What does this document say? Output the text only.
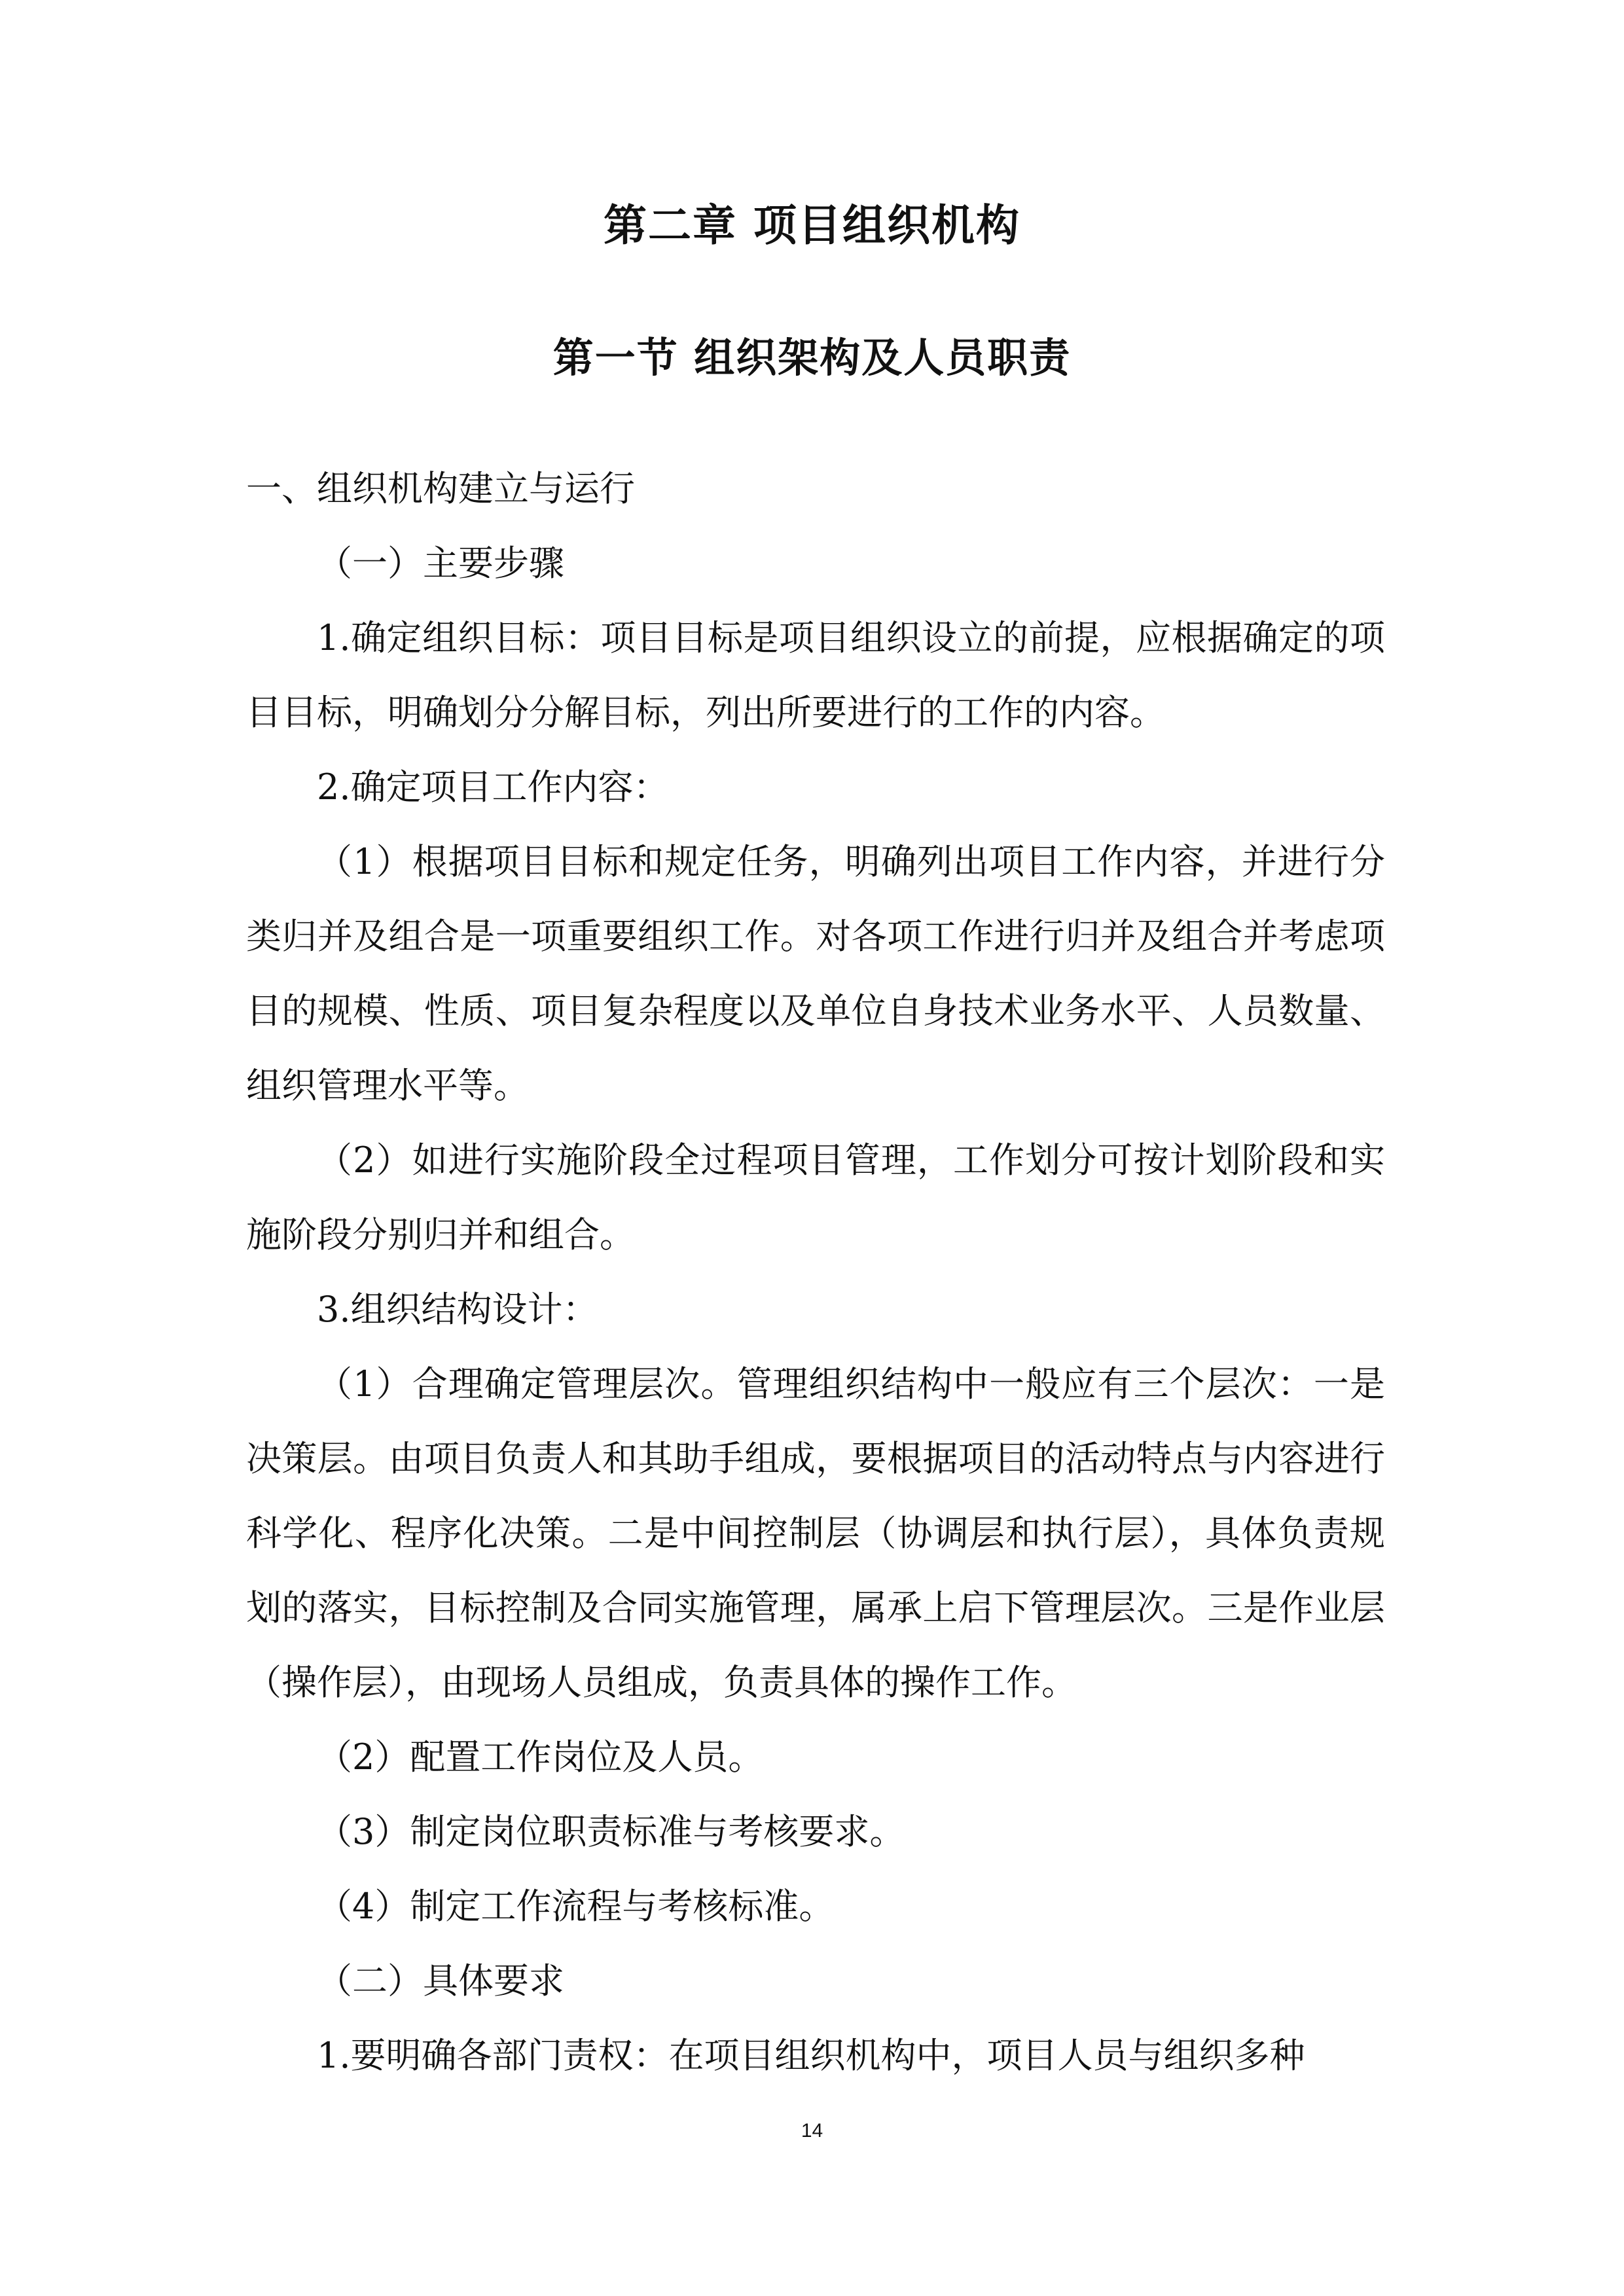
第二章 项目组织机构
第一节 组织架构及人员职责

一、组织机构建立与运行

（一）主要步骤

1.确定组织目标：项目目标是项目组织设立的前提，应根据确定的项目目标，明确划分分解目标，列出所要进行的工作的内容。

2.确定项目工作内容：

（1）根据项目目标和规定任务，明确列出项目工作内容，并进行分类归并及组合是一项重要组织工作。对各项工作进行归并及组合并考虑项目的规模、性质、项目复杂程度以及单位自身技术业务水平、人员数量、组织管理水平等。

（2）如进行实施阶段全过程项目管理，工作划分可按计划阶段和实施阶段分别归并和组合。

3.组织结构设计：

（1）合理确定管理层次。管理组织结构中一般应有三个层次：一是决策层。由项目负责人和其助手组成，要根据项目的活动特点与内容进行科学化、程序化决策。二是中间控制层（协调层和执行层），具体负责规划的落实，目标控制及合同实施管理，属承上启下管理层次。三是作业层（操作层），由现场人员组成，负责具体的操作工作。

（2）配置工作岗位及人员。

（3）制定岗位职责标准与考核要求。

（4）制定工作流程与考核标准。

（二）具体要求

1.要明确各部门责权：在项目组织机构中，项目人员与组织多种

14
